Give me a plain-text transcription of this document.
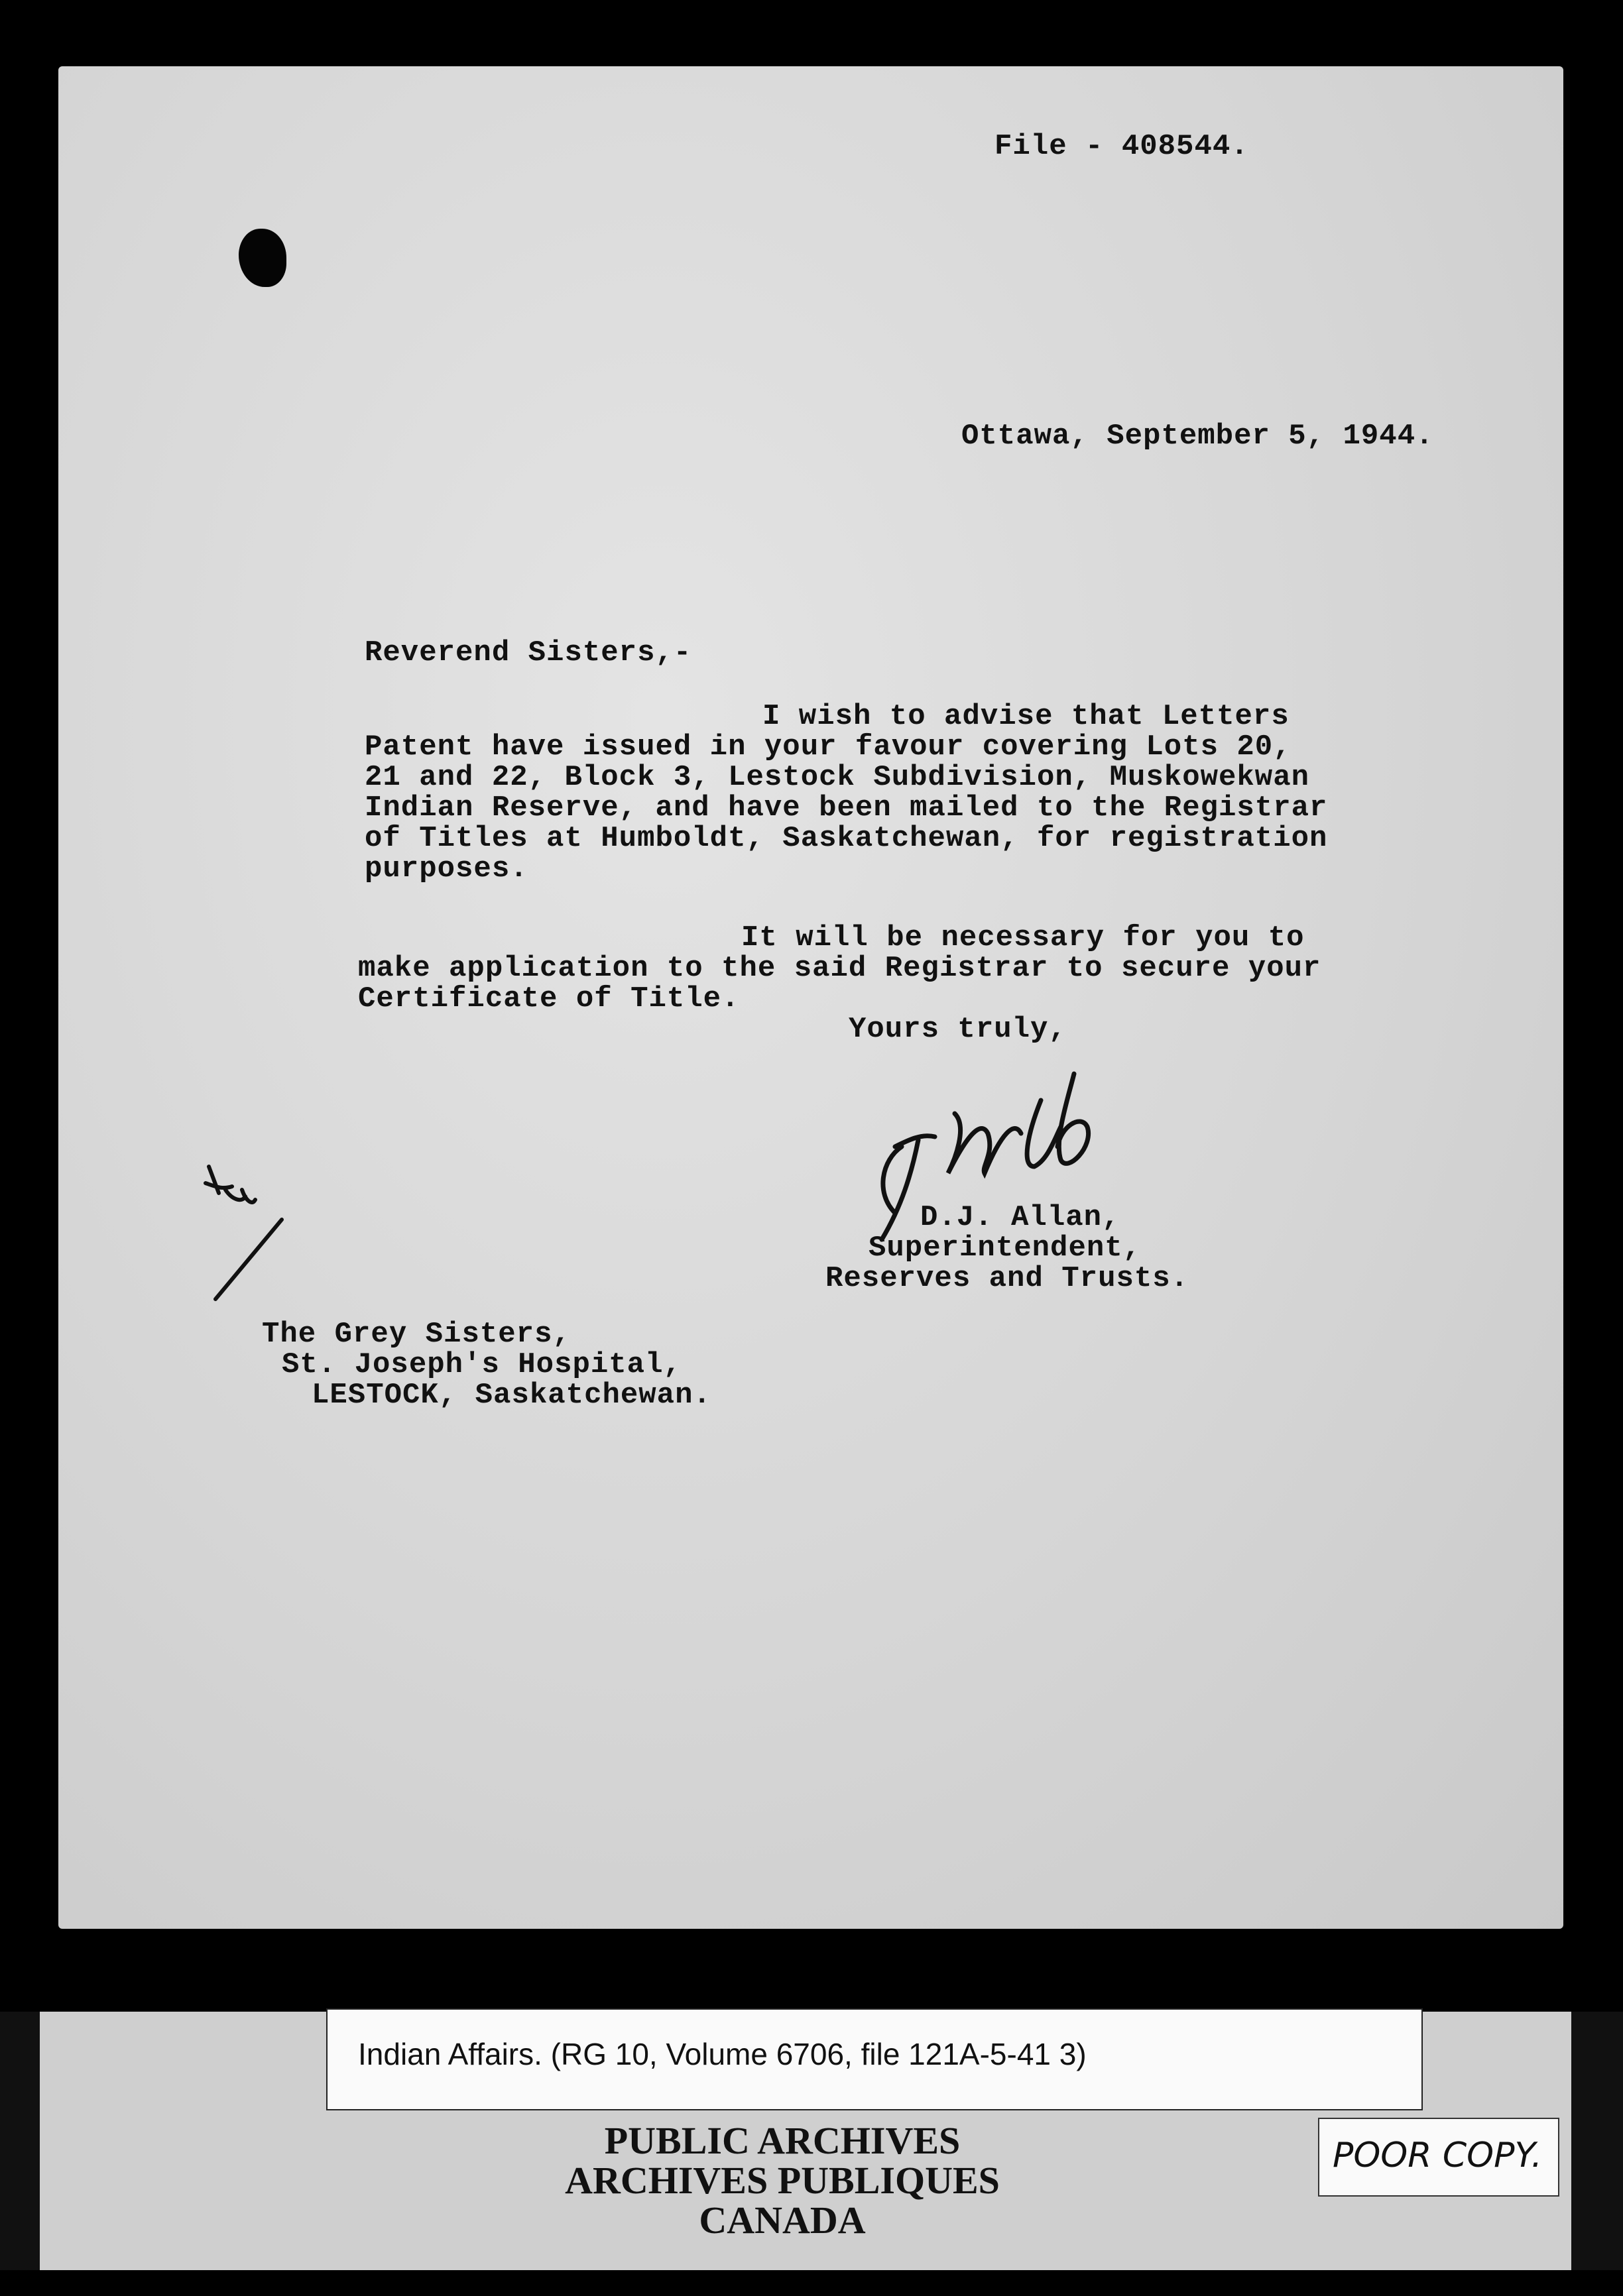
File - 408544.
Ottawa, September 5, 1944.
Reverend Sisters,-
I wish to advise that Letters
Patent have issued in your favour covering Lots 20,
21 and 22, Block 3, Lestock Subdivision, Muskowekwan
Indian Reserve, and have been mailed to the Registrar
of Titles at Humboldt, Saskatchewan, for registration
purposes.
It will be necessary for you to
make application to the said Registrar to secure your
Certificate of Title.
Yours truly,
D.J. Allan,
Superintendent,
Reserves and Trusts.
The Grey Sisters,
St. Joseph's Hospital,
LESTOCK, Saskatchewan.
Indian Affairs. (RG 10, Volume 6706, file 121A-5-41 3)
PUBLIC ARCHIVES
ARCHIVES PUBLIQUES
CANADA
POOR COPY.
